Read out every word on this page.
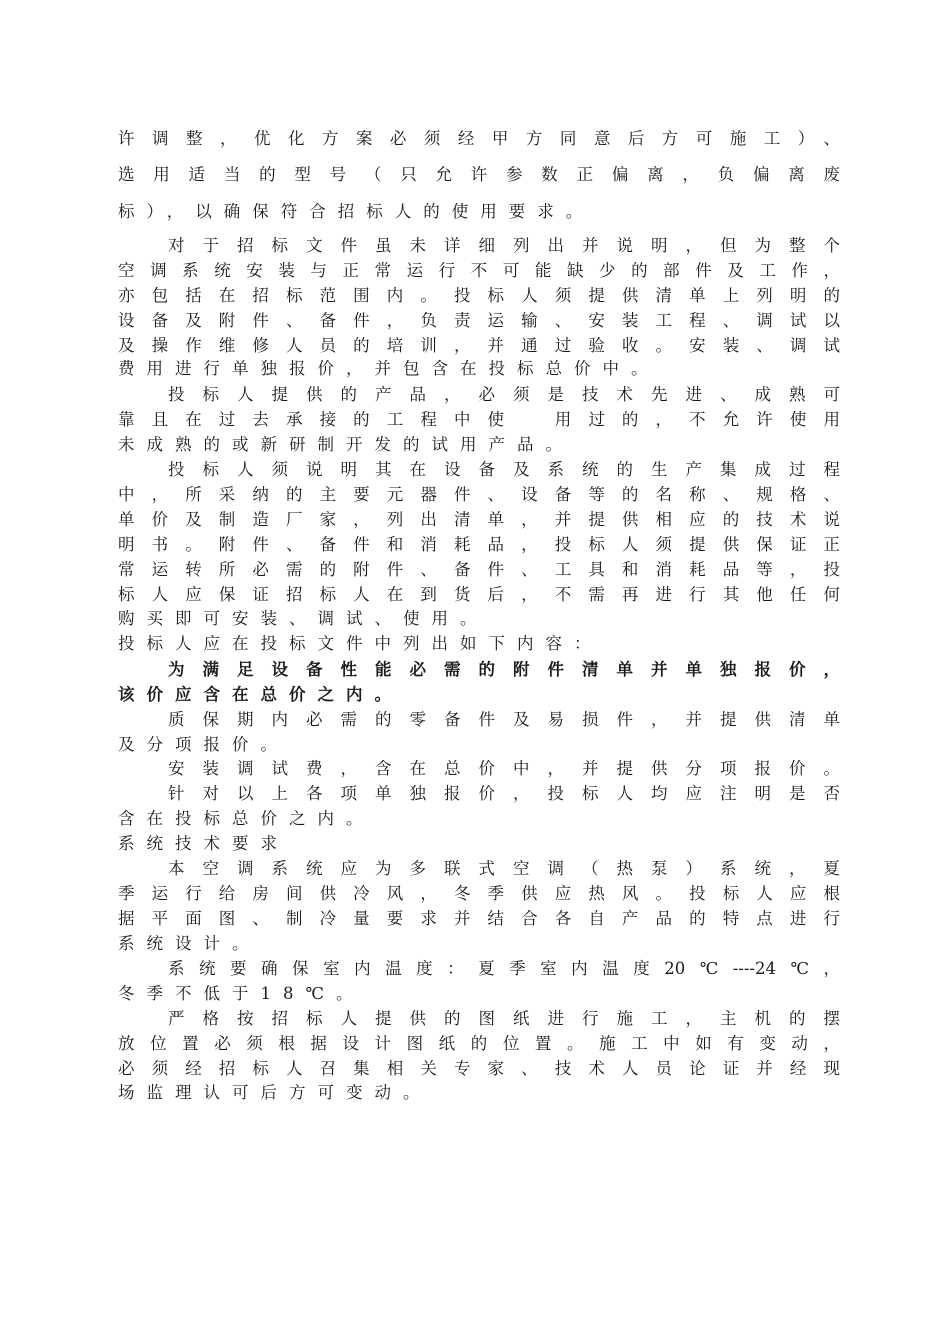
许调整，优化方案必须经甲方同意后方可施工）、
选用适当的型号（只允许参数正偏离，负偏离废
标），以确保符合招标人的使用要求。
对于招标文件虽未详细列出并说明，但为整个
空调系统安装与正常运行不可能缺少的部件及工作，
亦包括在招标范围内。投标人须提供清单上列明的
设备及附件、备件，负责运输、安装工程、调试以
及操作维修人员的培训，并通过验收。安装、调试
费用进行单独报价，并包含在投标总价中。
投标人提供的产品，必须是技术先进、成熟可
靠且在过去承接的工程中使　用过的，不允许使用
未成熟的或新研制开发的试用产品。
投标人须说明其在设备及系统的生产集成过程
中，所采纳的主要元器件、设备等的名称、规格、
单价及制造厂家，列出清单，并提供相应的技术说
明书。附件、备件和消耗品，投标人须提供保证正
常运转所必需的附件、备件、工具和消耗品等，投
标人应保证招标人在到货后，不需再进行其他任何
购买即可安装、调试、使用。
投标人应在投标文件中列出如下内容：
为满足设备性能必需的附件清单并单独报价，
该价应含在总价之内。
质保期内必需的零备件及易损件，并提供清单
及分项报价。
安装调试费，含在总价中，并提供分项报价。
针对以上各项单独报价，投标人均应注明是否
含在投标总价之内。
系统技术要求
本空调系统应为多联式空调（热泵）系统，夏
季运行给房间供冷风，冬季供应热风。投标人应根
据平面图、制冷量要求并结合各自产品的特点进行
系统设计。
系统要确保室内温度：夏季室内温度20℃----24℃，
冬季不低于18℃。
严格按招标人提供的图纸进行施工，主机的摆
放位置必须根据设计图纸的位置。施工中如有变动，
必须经招标人召集相关专家、技术人员论证并经现
场监理认可后方可变动。
